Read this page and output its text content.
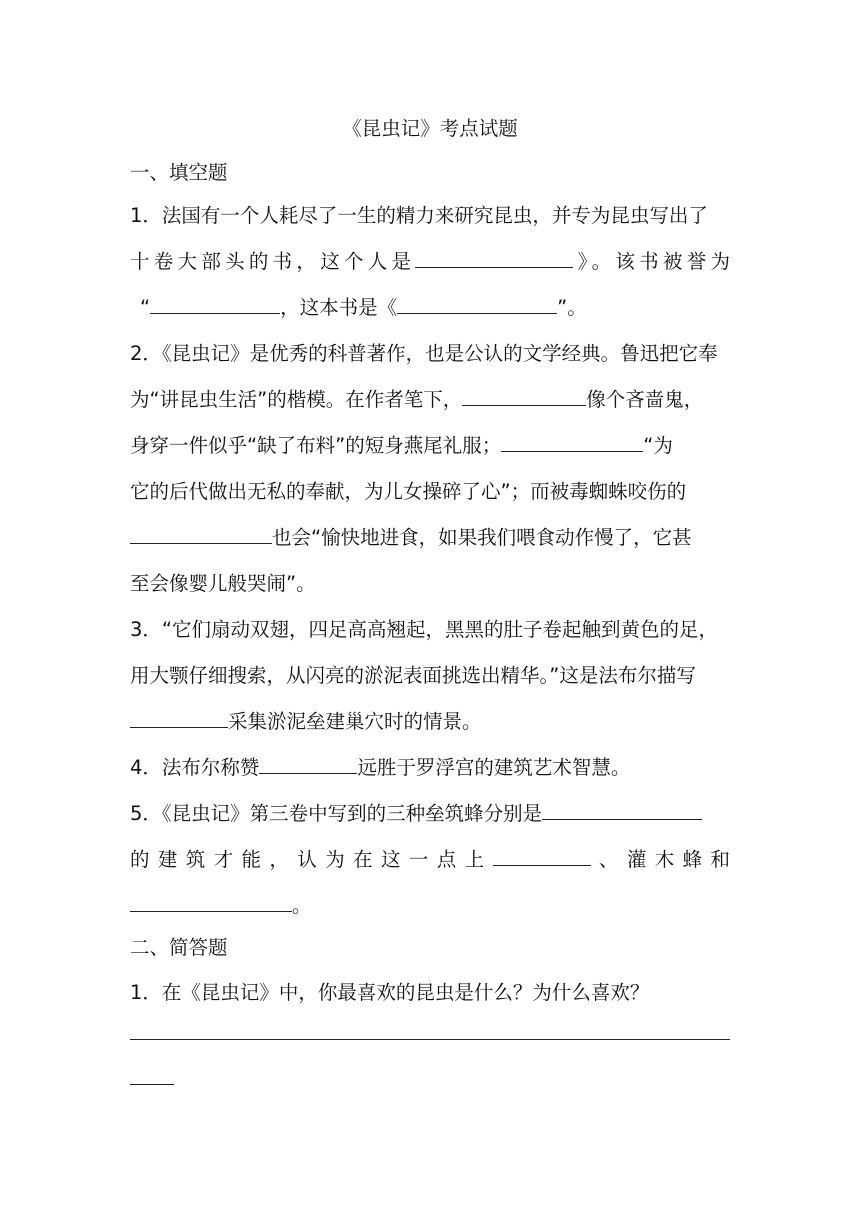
《昆虫记》考点试题
一、填空题
1．法国有一个人耗尽了一生的精力来研究昆虫，并专为昆虫写出了
十卷大部头的书，这个人是	》。该书被誉为
“	，这本书是《	”。
2．《昆虫记》是优秀的科普著作，也是公认的文学经典。鲁迅把它奉
为“讲昆虫生活”的楷模。在作者笔下，	像个吝啬鬼，
身穿一件似乎“缺了布料”的短身燕尾礼服；	“为
它的后代做出无私的奉献，为儿女操碎了心”；而被毒蜘蛛咬伤的
也会“愉快地进食，如果我们喂食动作慢了，它甚
至会像婴儿般哭闹”。
3．“它们扇动双翅，四足高高翘起，黑黑的肚子卷起触到黄色的足，
用大颚仔细搜索，从闪亮的淤泥表面挑选出精华。”这是法布尔描写
采集淤泥垒建巢穴时的情景。
4．法布尔称赞	远胜于罗浮宫的建筑艺术智慧。
5．《昆虫记》第三卷中写到的三种垒筑蜂分别是
的建筑才能，认为在这一点上	、灌木蜂和
。
二、简答题
1．在《昆虫记》中，你最喜欢的昆虫是什么？为什么喜欢？
